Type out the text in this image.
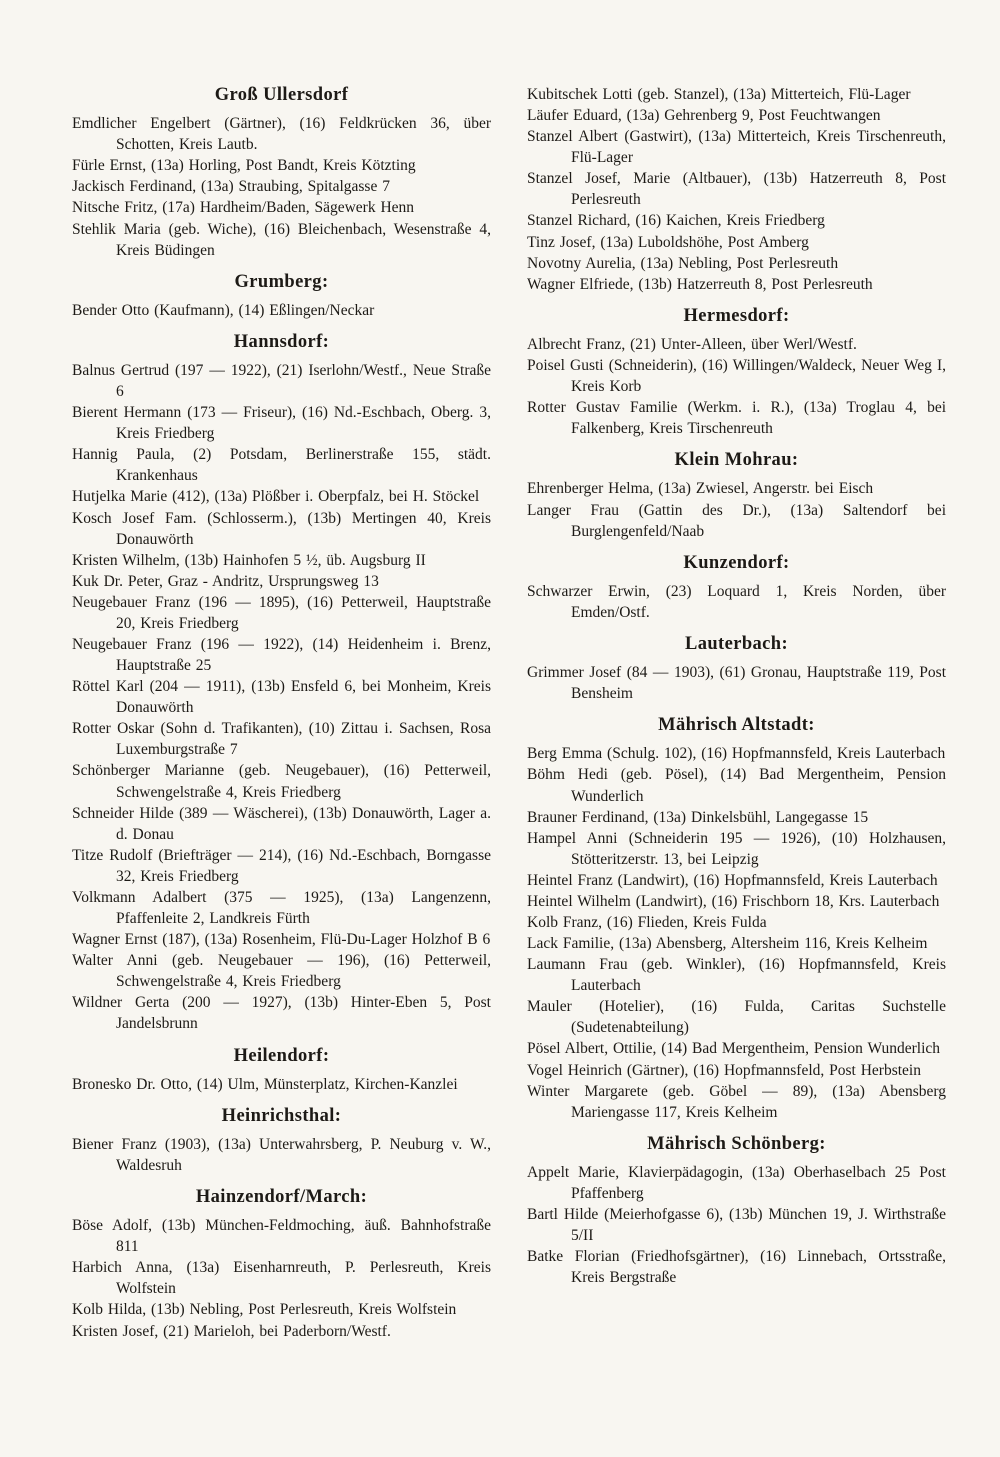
Groß Ullersdorf

Emdlicher Engelbert (Gärtner), (16) Feldkrücken 36, über Schotten, Kreis Lautb.

Fürle Ernst, (13a) Horling, Post Bandt, Kreis Kötzting

Jackisch Ferdinand, (13a) Straubing, Spitalgasse 7

Nitsche Fritz, (17a) Hardheim/Baden, Sägewerk Henn

Stehlik Maria (geb. Wiche), (16) Bleichenbach, Wesenstraße 4, Kreis Büdingen

Grumberg:

Bender Otto (Kaufmann), (14) Eßlingen/Neckar

Hannsdorf:

Balnus Gertrud (197 — 1922), (21) Iserlohn/Westf., Neue Straße 6

Bierent Hermann (173 — Friseur), (16) Nd.-Eschbach, Oberg. 3, Kreis Friedberg

Hannig Paula, (2) Potsdam, Berlinerstraße 155, städt. Krankenhaus

Hutjelka Marie (412), (13a) Plößber i. Oberpfalz, bei H. Stöckel

Kosch Josef Fam. (Schlosserm.), (13b) Mertingen 40, Kreis Donauwörth

Kristen Wilhelm, (13b) Hainhofen 5 ½, üb. Augsburg II

Kuk Dr. Peter, Graz - Andritz, Ursprungsweg 13

Neugebauer Franz (196 — 1895), (16) Petterweil, Hauptstraße 20, Kreis Friedberg

Neugebauer Franz (196 — 1922), (14) Heidenheim i. Brenz, Hauptstraße 25

Röttel Karl (204 — 1911), (13b) Ensfeld 6, bei Monheim, Kreis Donauwörth

Rotter Oskar (Sohn d. Trafikanten), (10) Zittau i. Sachsen, Rosa Luxemburgstraße 7

Schönberger Marianne (geb. Neugebauer), (16) Petterweil, Schwengelstraße 4, Kreis Friedberg

Schneider Hilde (389 — Wäscherei), (13b) Donauwörth, Lager a. d. Donau

Titze Rudolf (Briefträger — 214), (16) Nd.-Eschbach, Borngasse 32, Kreis Friedberg

Volkmann Adalbert (375 — 1925), (13a) Langenzenn, Pfaffenleite 2, Landkreis Fürth

Wagner Ernst (187), (13a) Rosenheim, Flü-Du-Lager Holzhof B 6

Walter Anni (geb. Neugebauer — 196), (16) Petterweil, Schwengelstraße 4, Kreis Friedberg

Wildner Gerta (200 — 1927), (13b) Hinter-Eben 5, Post Jandelsbrunn

Heilendorf:

Bronesko Dr. Otto, (14) Ulm, Münsterplatz, Kirchen-Kanzlei

Heinrichsthal:

Biener Franz (1903), (13a) Unterwahrsberg, P. Neuburg v. W., Waldesruh

Hainzendorf/March:

Böse Adolf, (13b) München-Feldmoching, äuß. Bahnhofstraße 811

Harbich Anna, (13a) Eisenharnreuth, P. Perlesreuth, Kreis Wolfstein

Kolb Hilda, (13b) Nebling, Post Perlesreuth, Kreis Wolfstein

Kristen Josef, (21) Marieloh, bei Paderborn/Westf.

Kubitschek Lotti (geb. Stanzel), (13a) Mitterteich, Flü-Lager

Läufer Eduard, (13a) Gehrenberg 9, Post Feuchtwangen

Stanzel Albert (Gastwirt), (13a) Mitterteich, Kreis Tirschenreuth, Flü-Lager

Stanzel Josef, Marie (Altbauer), (13b) Hatzerreuth 8, Post Perlesreuth

Stanzel Richard, (16) Kaichen, Kreis Friedberg

Tinz Josef, (13a) Luboldshöhe, Post Amberg

Novotny Aurelia, (13a) Nebling, Post Perlesreuth

Wagner Elfriede, (13b) Hatzerreuth 8, Post Perlesreuth

Hermesdorf:

Albrecht Franz, (21) Unter-Alleen, über Werl/Westf.

Poisel Gusti (Schneiderin), (16) Willingen/Waldeck, Neuer Weg I, Kreis Korb

Rotter Gustav Familie (Werkm. i. R.), (13a) Troglau 4, bei Falkenberg, Kreis Tirschenreuth

Klein Mohrau:

Ehrenberger Helma, (13a) Zwiesel, Angerstr. bei Eisch

Langer Frau (Gattin des Dr.), (13a) Saltendorf bei Burglengenfeld/Naab

Kunzendorf:

Schwarzer Erwin, (23) Loquard 1, Kreis Norden, über Emden/Ostf.

Lauterbach:

Grimmer Josef (84 — 1903), (61) Gronau, Hauptstraße 119, Post Bensheim

Mährisch Altstadt:

Berg Emma (Schulg. 102), (16) Hopfmannsfeld, Kreis Lauterbach

Böhm Hedi (geb. Pösel), (14) Bad Mergentheim, Pension Wunderlich

Brauner Ferdinand, (13a) Dinkelsbühl, Langegasse 15

Hampel Anni (Schneiderin 195 — 1926), (10) Holzhausen, Stötteritzerstr. 13, bei Leipzig

Heintel Franz (Landwirt), (16) Hopfmannsfeld, Kreis Lauterbach

Heintel Wilhelm (Landwirt), (16) Frischborn 18, Krs. Lauterbach

Kolb Franz, (16) Flieden, Kreis Fulda

Lack Familie, (13a) Abensberg, Altersheim 116, Kreis Kelheim

Laumann Frau (geb. Winkler), (16) Hopfmannsfeld, Kreis Lauterbach

Mauler (Hotelier), (16) Fulda, Caritas Suchstelle (Sudetenabteilung)

Pösel Albert, Ottilie, (14) Bad Mergentheim, Pension Wunderlich

Vogel Heinrich (Gärtner), (16) Hopfmannsfeld, Post Herbstein

Winter Margarete (geb. Göbel — 89), (13a) Abensberg Mariengasse 117, Kreis Kelheim

Mährisch Schönberg:

Appelt Marie, Klavierpädagogin, (13a) Oberhaselbach 25 Post Pfaffenberg

Bartl Hilde (Meierhofgasse 6), (13b) München 19, J. Wirthstraße 5/II

Batke Florian (Friedhofsgärtner), (16) Linnebach, Ortsstraße, Kreis Bergstraße
